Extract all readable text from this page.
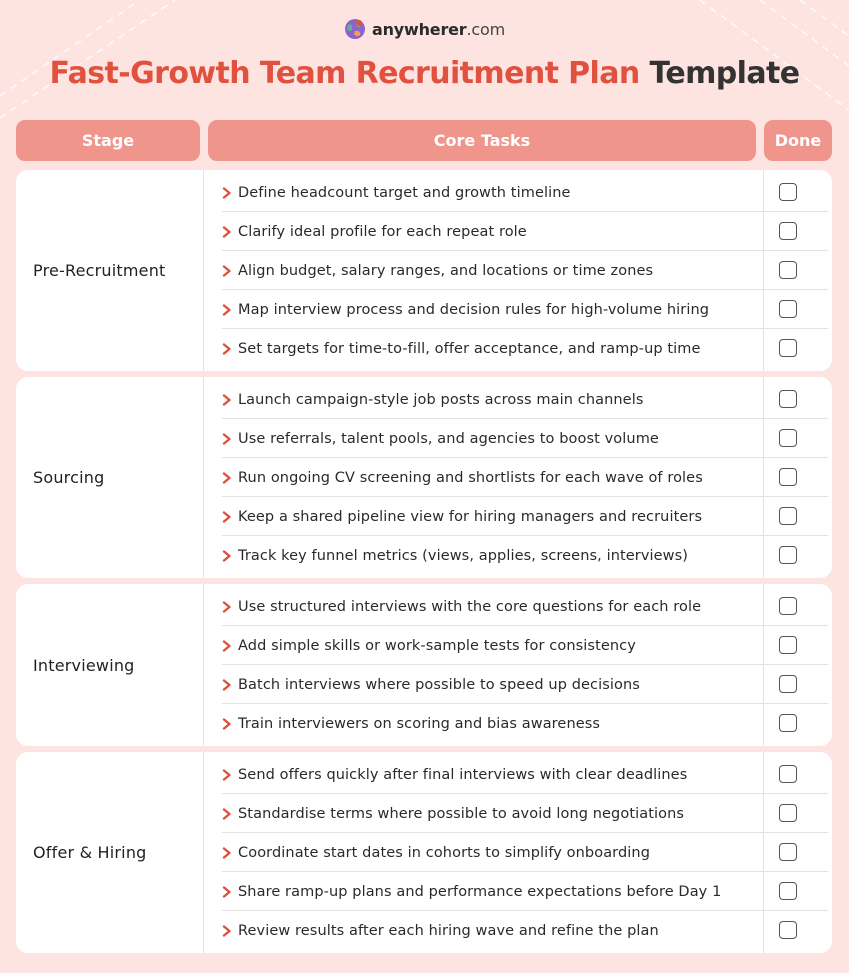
anywherer.com
Fast-Growth Team Recruitment Plan Template
Stage	Core Tasks	Done
Pre-Recruitment
Define headcount target and growth timeline
Clarify ideal profile for each repeat role
Align budget, salary ranges, and locations or time zones
Map interview process and decision rules for high-volume hiring
Set targets for time-to-fill, offer acceptance, and ramp-up time
Sourcing
Launch campaign-style job posts across main channels
Use referrals, talent pools, and agencies to boost volume
Run ongoing CV screening and shortlists for each wave of roles
Keep a shared pipeline view for hiring managers and recruiters
Track key funnel metrics (views, applies, screens, interviews)
Interviewing
Use structured interviews with the core questions for each role
Add simple skills or work-sample tests for consistency
Batch interviews where possible to speed up decisions
Train interviewers on scoring and bias awareness
Offer & Hiring
Send offers quickly after final interviews with clear deadlines
Standardise terms where possible to avoid long negotiations
Coordinate start dates in cohorts to simplify onboarding
Share ramp-up plans and performance expectations before Day 1
Review results after each hiring wave and refine the plan
